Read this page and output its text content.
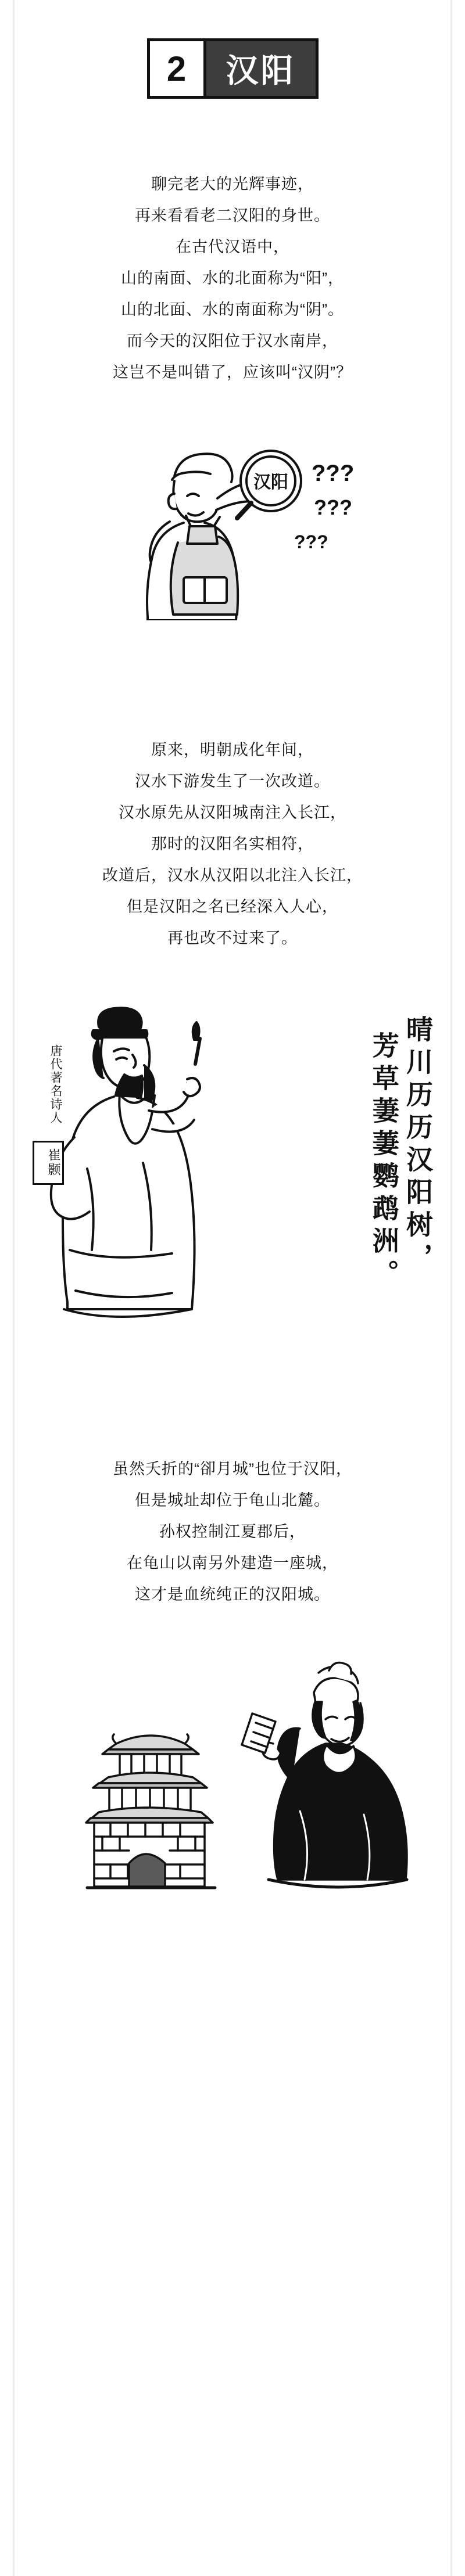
2	汉阳

聊完老大的光辉事迹，

再来看看老二汉阳的身世。

在古代汉语中，

山的南面、水的北面称为“阳”，

山的北面、水的南面称为“阴”。

而今天的汉阳位于汉水南岸，

这岂不是叫错了，应该叫“汉阴”？

汉阳 ???
???
???

原来，明朝成化年间，

汉水下游发生了一次改道。

汉水原先从汉阳城南注入长江，

那时的汉阳名实相符，

改道后，汉水从汉阳以北注入长江，

但是汉阳之名已经深入人心，

再也改不过来了。

唐代著名诗人
崔颢	芳草萋萋鹦鹉洲。 晴川历历汉阳树，

虽然夭折的“卻月城”也位于汉阳，

但是城址却位于龟山北麓。

孙权控制江夏郡后，

在龟山以南另外建造一座城，

这才是血统纯正的汉阳城。
